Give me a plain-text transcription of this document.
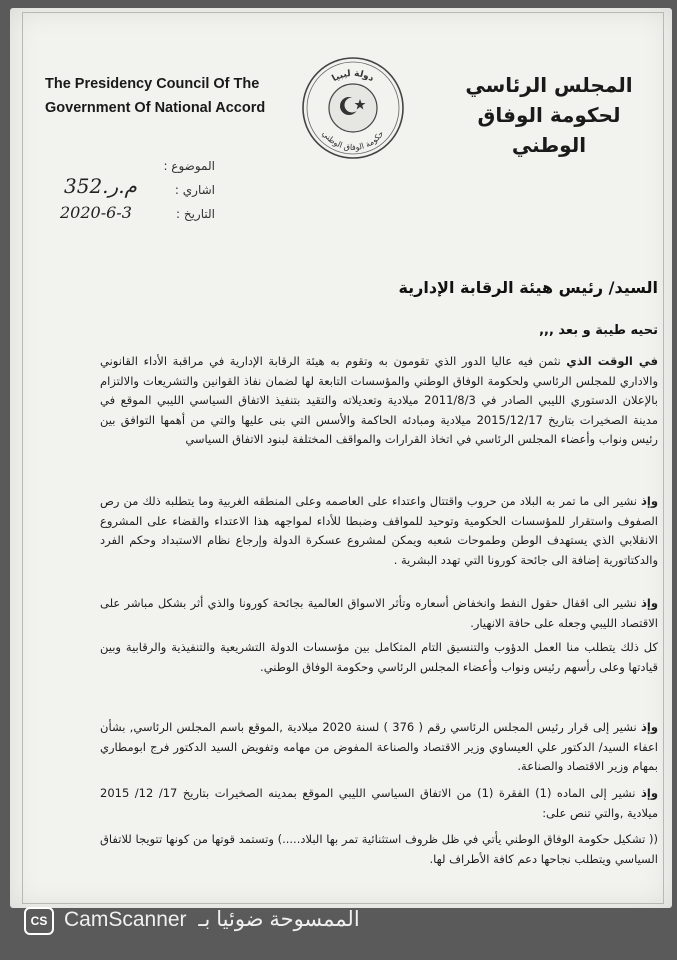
The Presidency Council Of The
Government Of National Accord
دولة ليبيا
حكومة الوفاق الوطني
المجلس الرئاسي
لحكومة الوفاق الوطني
الموضوع :
اشاري :
352.م.ر
التاريخ :
2020-6-3
السيد/ رئيس هيئة الرقابة الإدارية
تحيه طيبة و بعد ,,,
في الوقت الذي نثمن فيه عاليا الدور الذي تقومون به وتقوم به هيئة الرقابة الإدارية في مراقبة الأداء القانوني والاداري للمجلس الرئاسي ولحكومة الوفاق الوطني والمؤسسات التابعة لها لضمان نفاذ القوانين والتشريعات والالتزام بالإعلان الدستوري الليبي الصادر في 2011/8/3 ميلادية وتعديلاته والتقيد بتنفيذ الاتفاق السياسي الليبي الموقع في مدينة الصخيرات بتاريخ 2015/12/17 ميلادية ومبادئه الحاكمة والأسس التي بنى عليها والتي من أهمها التوافق بين رئيس ونواب وأعضاء المجلس الرئاسي في اتخاذ القرارات والمواقف المختلفة لبنود الاتفاق السياسي
وإذ نشير الى ما تمر به البلاد من حروب واقتتال واعتداء على العاصمه وعلى المنطقه الغربية وما يتطلبه ذلك من رص الصفوف واستقرار للمؤسسات الحكومية وتوحيد للمواقف وضبطا للأداء لمواجهه هذا الاعتداء والقضاء على المشروع الانقلابي الذي يستهدف الوطن وطموحات شعبه ويمكن لمشروع عسكرة الدولة وإرجاع نظام الاستبداد وحكم الفرد والدكتاتورية إضافة الى جائحة كورونا التي تهدد البشرية .
وإذ نشير الى اقفال حقول النفط وانخفاض أسعاره وتأثر الاسواق العالمية بجائحة كورونا والذي أثر بشكل مباشر على الاقتصاد الليبي وجعله على حافة الانهيار.
كل ذلك يتطلب منا العمل الدؤوب والتنسيق التام المتكامل بين مؤسسات الدولة التشريعية والتنفيذية والرقابية وبين قيادتها وعلى رأسهم رئيس ونواب وأعضاء المجلس الرئاسي وحكومة الوفاق الوطني.
وإذ نشير إلى قرار رئيس المجلس الرئاسي رقم ( 376 ) لسنة 2020 ميلادية ,الموقع باسم المجلس الرئاسي, بشأن اعفاء السيد/ الدكتور علي العيساوي وزير الاقتصاد والصناعة المفوض من مهامه وتفويض السيد الدكتور فرج ابومطاري بمهام وزير الاقتصاد والصناعة.
وإذ نشير إلى الماده (1) الفقرة (1) من الاتفاق السياسي الليبي الموقع بمدينه الصخيرات بتاريخ 17/ 12/ 2015 ميلادية ,والتي تنص على:
(( تشكيل حكومة الوفاق الوطني يأتي في ظل ظروف استثنائية تمر بها البلاد.....) وتستمد قوتها من كونها تتويجا للاتفاق السياسي ويتطلب نجاحها دعم كافة الأطراف لها.
CS CamScanner الممسوحة ضوئيا بـ
